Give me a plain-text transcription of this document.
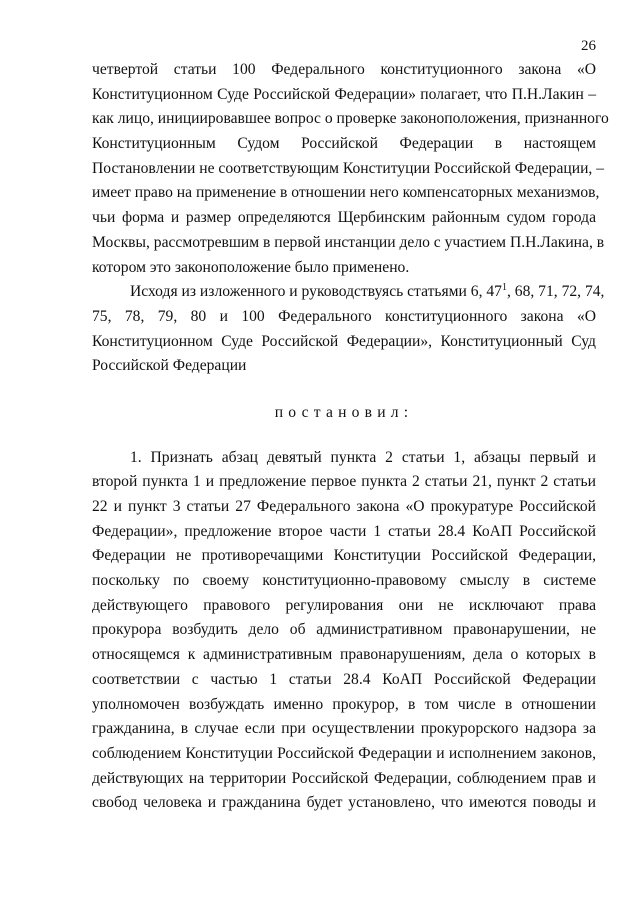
26
четвертой статьи 100 Федерального конституционного закона «О
Конституционном Суде Российской Федерации» полагает, что П.Н.Лакин –
как лицо, инициировавшее вопрос о проверке законоположения, признанного
Конституционным Судом Российской Федерации в настоящем
Постановлении не соответствующим Конституции Российской Федерации, –
имеет право на применение в отношении него компенсаторных механизмов,
чьи форма и размер определяются Щербинским районным судом города
Москвы, рассмотревшим в первой инстанции дело с участием П.Н.Лакина, в
котором это законоположение было применено.
Исходя из изложенного и руководствуясь статьями 6, $47^1$, 68, 71, 72, 74,
75, 78, 79, 80 и 100 Федерального конституционного закона «О
Конституционном Суде Российской Федерации», Конституционный Суд
Российской Федерации
постановил:
1. Признать абзац девятый пункта 2 статьи 1, абзацы первый и
второй пункта 1 и предложение первое пункта 2 статьи 21, пункт 2 статьи
22 и пункт 3 статьи 27 Федерального закона «О прокуратуре Российской
Федерации», предложение второе части 1 статьи 28.4 КоАП Российской
Федерации не противоречащими Конституции Российской Федерации,
поскольку по своему конституционно-правовому смыслу в системе
действующего правового регулирования они не исключают права
прокурора возбудить дело об административном правонарушении, не
относящемся к административным правонарушениям, дела о которых в
соответствии с частью 1 статьи 28.4 КоАП Российской Федерации
уполномочен возбуждать именно прокурор, в том числе в отношении
гражданина, в случае если при осуществлении прокурорского надзора за
соблюдением Конституции Российской Федерации и исполнением законов,
действующих на территории Российской Федерации, соблюдением прав и
свобод человека и гражданина будет установлено, что имеются поводы и
